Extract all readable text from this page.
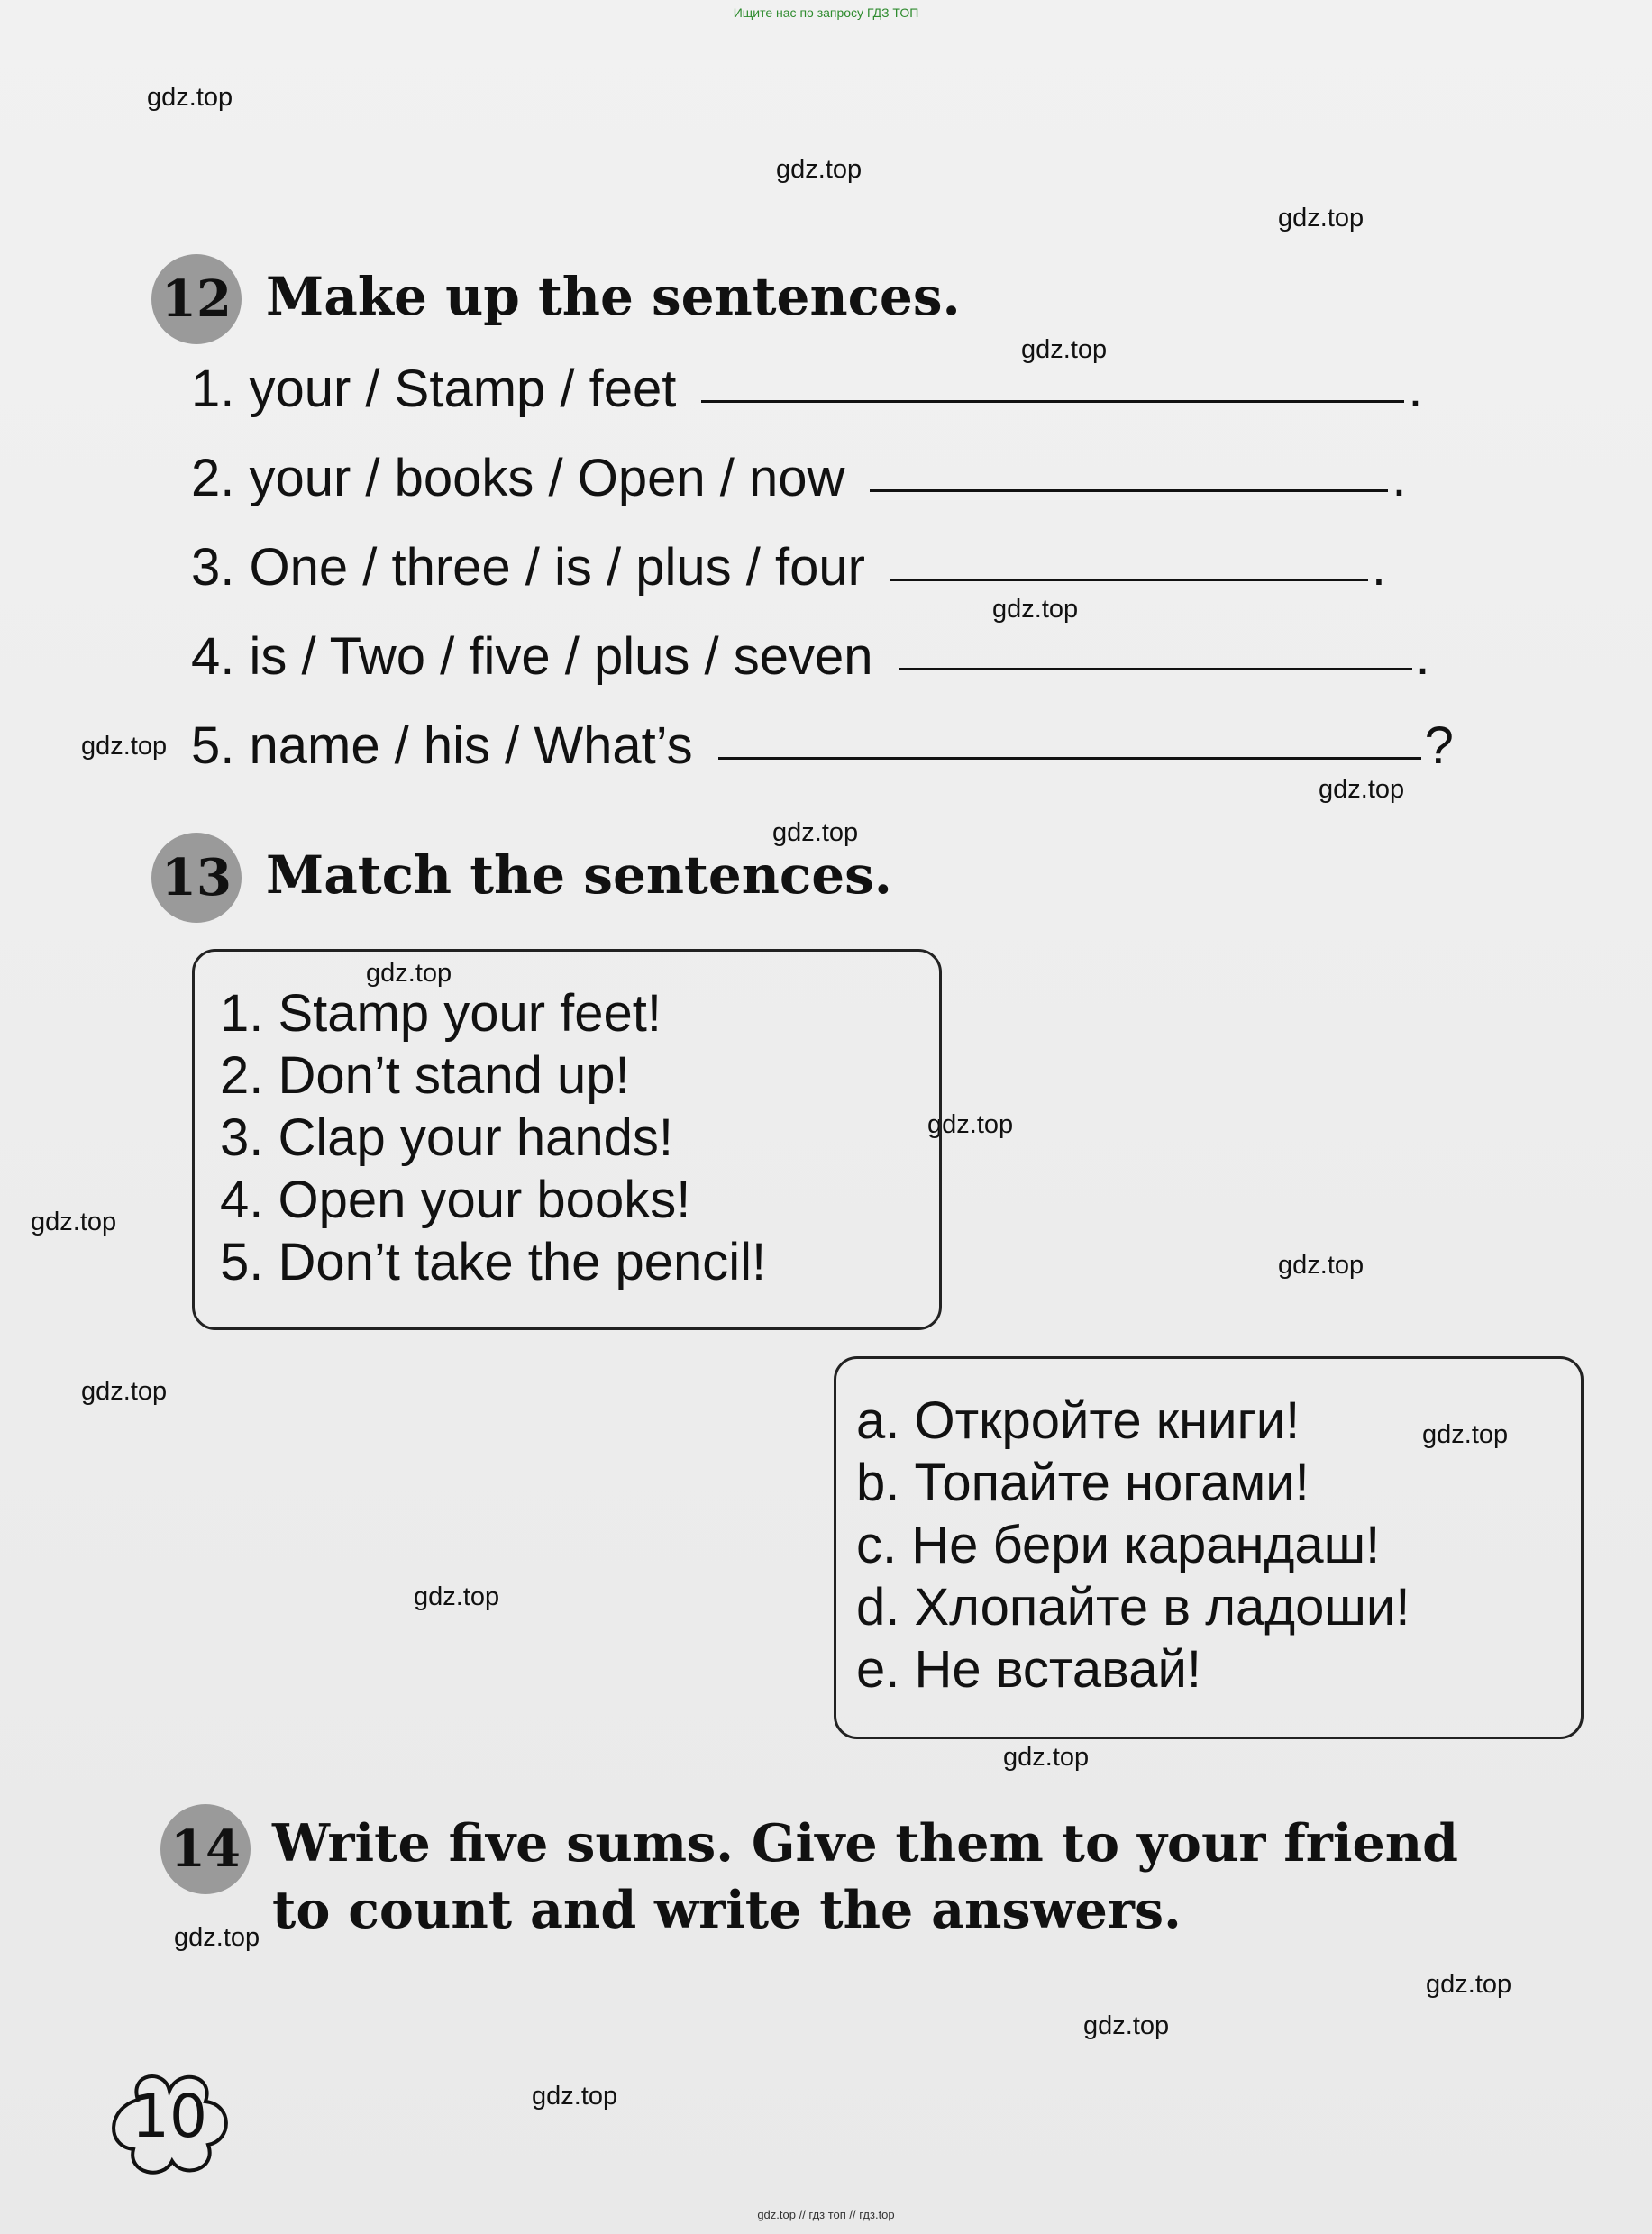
Ищите нас по запросу ГДЗ ТОП
gdz.top
gdz.top
gdz.top
gdz.top
gdz.top
gdz.top
gdz.top
gdz.top
gdz.top
gdz.top
gdz.top
gdz.top
gdz.top
gdz.top
gdz.top
gdz.top
gdz.top
gdz.top
gdz.top
gdz.top
12 Make up the sentences.
1. your / Stamp / feet	.
2. your / books / Open / now	.
3. One / three / is / plus / four	.
4. is / Two / five / plus / seven	.
5. name / his / What’s	?
13 Match the sentences.
1. Stamp your feet!
2. Don’t stand up!
3. Clap your hands!
4. Open your books!
5. Don’t take the pencil!
a. Откройте книги!
b. Топайте ногами!
c. Не бери карандаш!
d. Хлопайте в ладоши!
e. Не вставай!
14 Write five sums. Give them to your friend
to count and write the answers.
10
gdz.top // гдз топ // гдз.top
